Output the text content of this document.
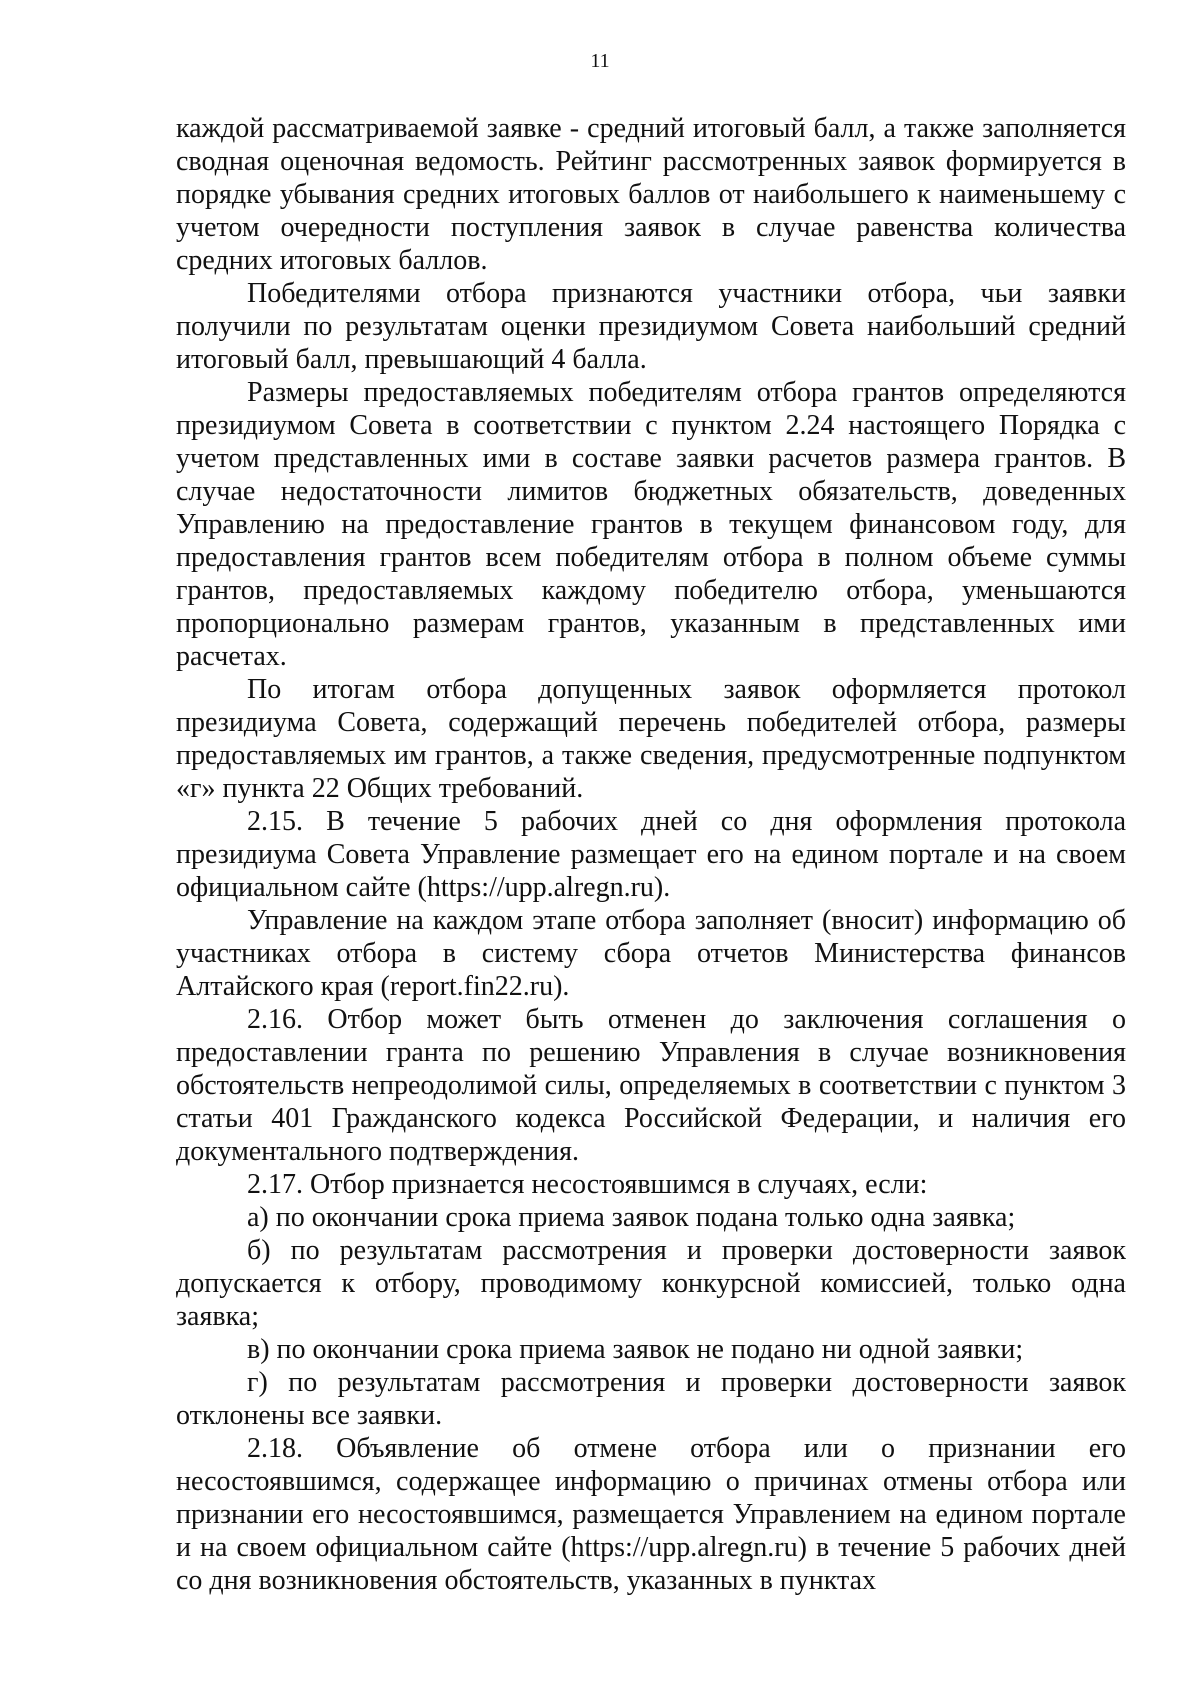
11

каждой рассматриваемой заявке - средний итоговый балл, а также заполняется сводная оценочная ведомость. Рейтинг рассмотренных заявок формируется в порядке убывания средних итоговых баллов от наибольшего к наименьшему с учетом очередности поступления заявок в случае равенства количества средних итоговых баллов.

Победителями отбора признаются участники отбора, чьи заявки получили по результатам оценки президиумом Совета наибольший средний итоговый балл, превышающий 4 балла.

Размеры предоставляемых победителям отбора грантов определяются президиумом Совета в соответствии с пунктом 2.24 настоящего Порядка с учетом представленных ими в составе заявки расчетов размера грантов. В случае недостаточности лимитов бюджетных обязательств, доведенных Управлению на предоставление грантов в текущем финансовом году, для предоставления грантов всем победителям отбора в полном объеме суммы грантов, предоставляемых каждому победителю отбора, уменьшаются пропорционально размерам грантов, указанным в представленных ими расчетах.

По итогам отбора допущенных заявок оформляется протокол президиума Совета, содержащий перечень победителей отбора, размеры предоставляемых им грантов, а также сведения, предусмотренные подпунктом «г» пункта 22 Общих требований.

2.15. В течение 5 рабочих дней со дня оформления протокола президиума Совета Управление размещает его на едином портале и на своем официальном сайте (https://upp.alregn.ru).

Управление на каждом этапе отбора заполняет (вносит) информацию об участниках отбора в систему сбора отчетов Министерства финансов Алтайского края (report.fin22.ru).

2.16. Отбор может быть отменен до заключения соглашения о предоставлении гранта по решению Управления в случае возникновения обстоятельств непреодолимой силы, определяемых в соответствии с пунктом 3 статьи 401 Гражданского кодекса Российской Федерации, и наличия его документального подтверждения.

2.17. Отбор признается несостоявшимся в случаях, если:

а) по окончании срока приема заявок подана только одна заявка;

б) по результатам рассмотрения и проверки достоверности заявок допускается к отбору, проводимому конкурсной комиссией, только одна заявка;

в) по окончании срока приема заявок не подано ни одной заявки;

г) по результатам рассмотрения и проверки достоверности заявок отклонены все заявки.

2.18. Объявление об отмене отбора или о признании его несостоявшимся, содержащее информацию о причинах отмены отбора или признании его несостоявшимся, размещается Управлением на едином портале и на своем официальном сайте (https://upp.alregn.ru) в течение 5 рабочих дней со дня возникновения обстоятельств, указанных в пунктах
